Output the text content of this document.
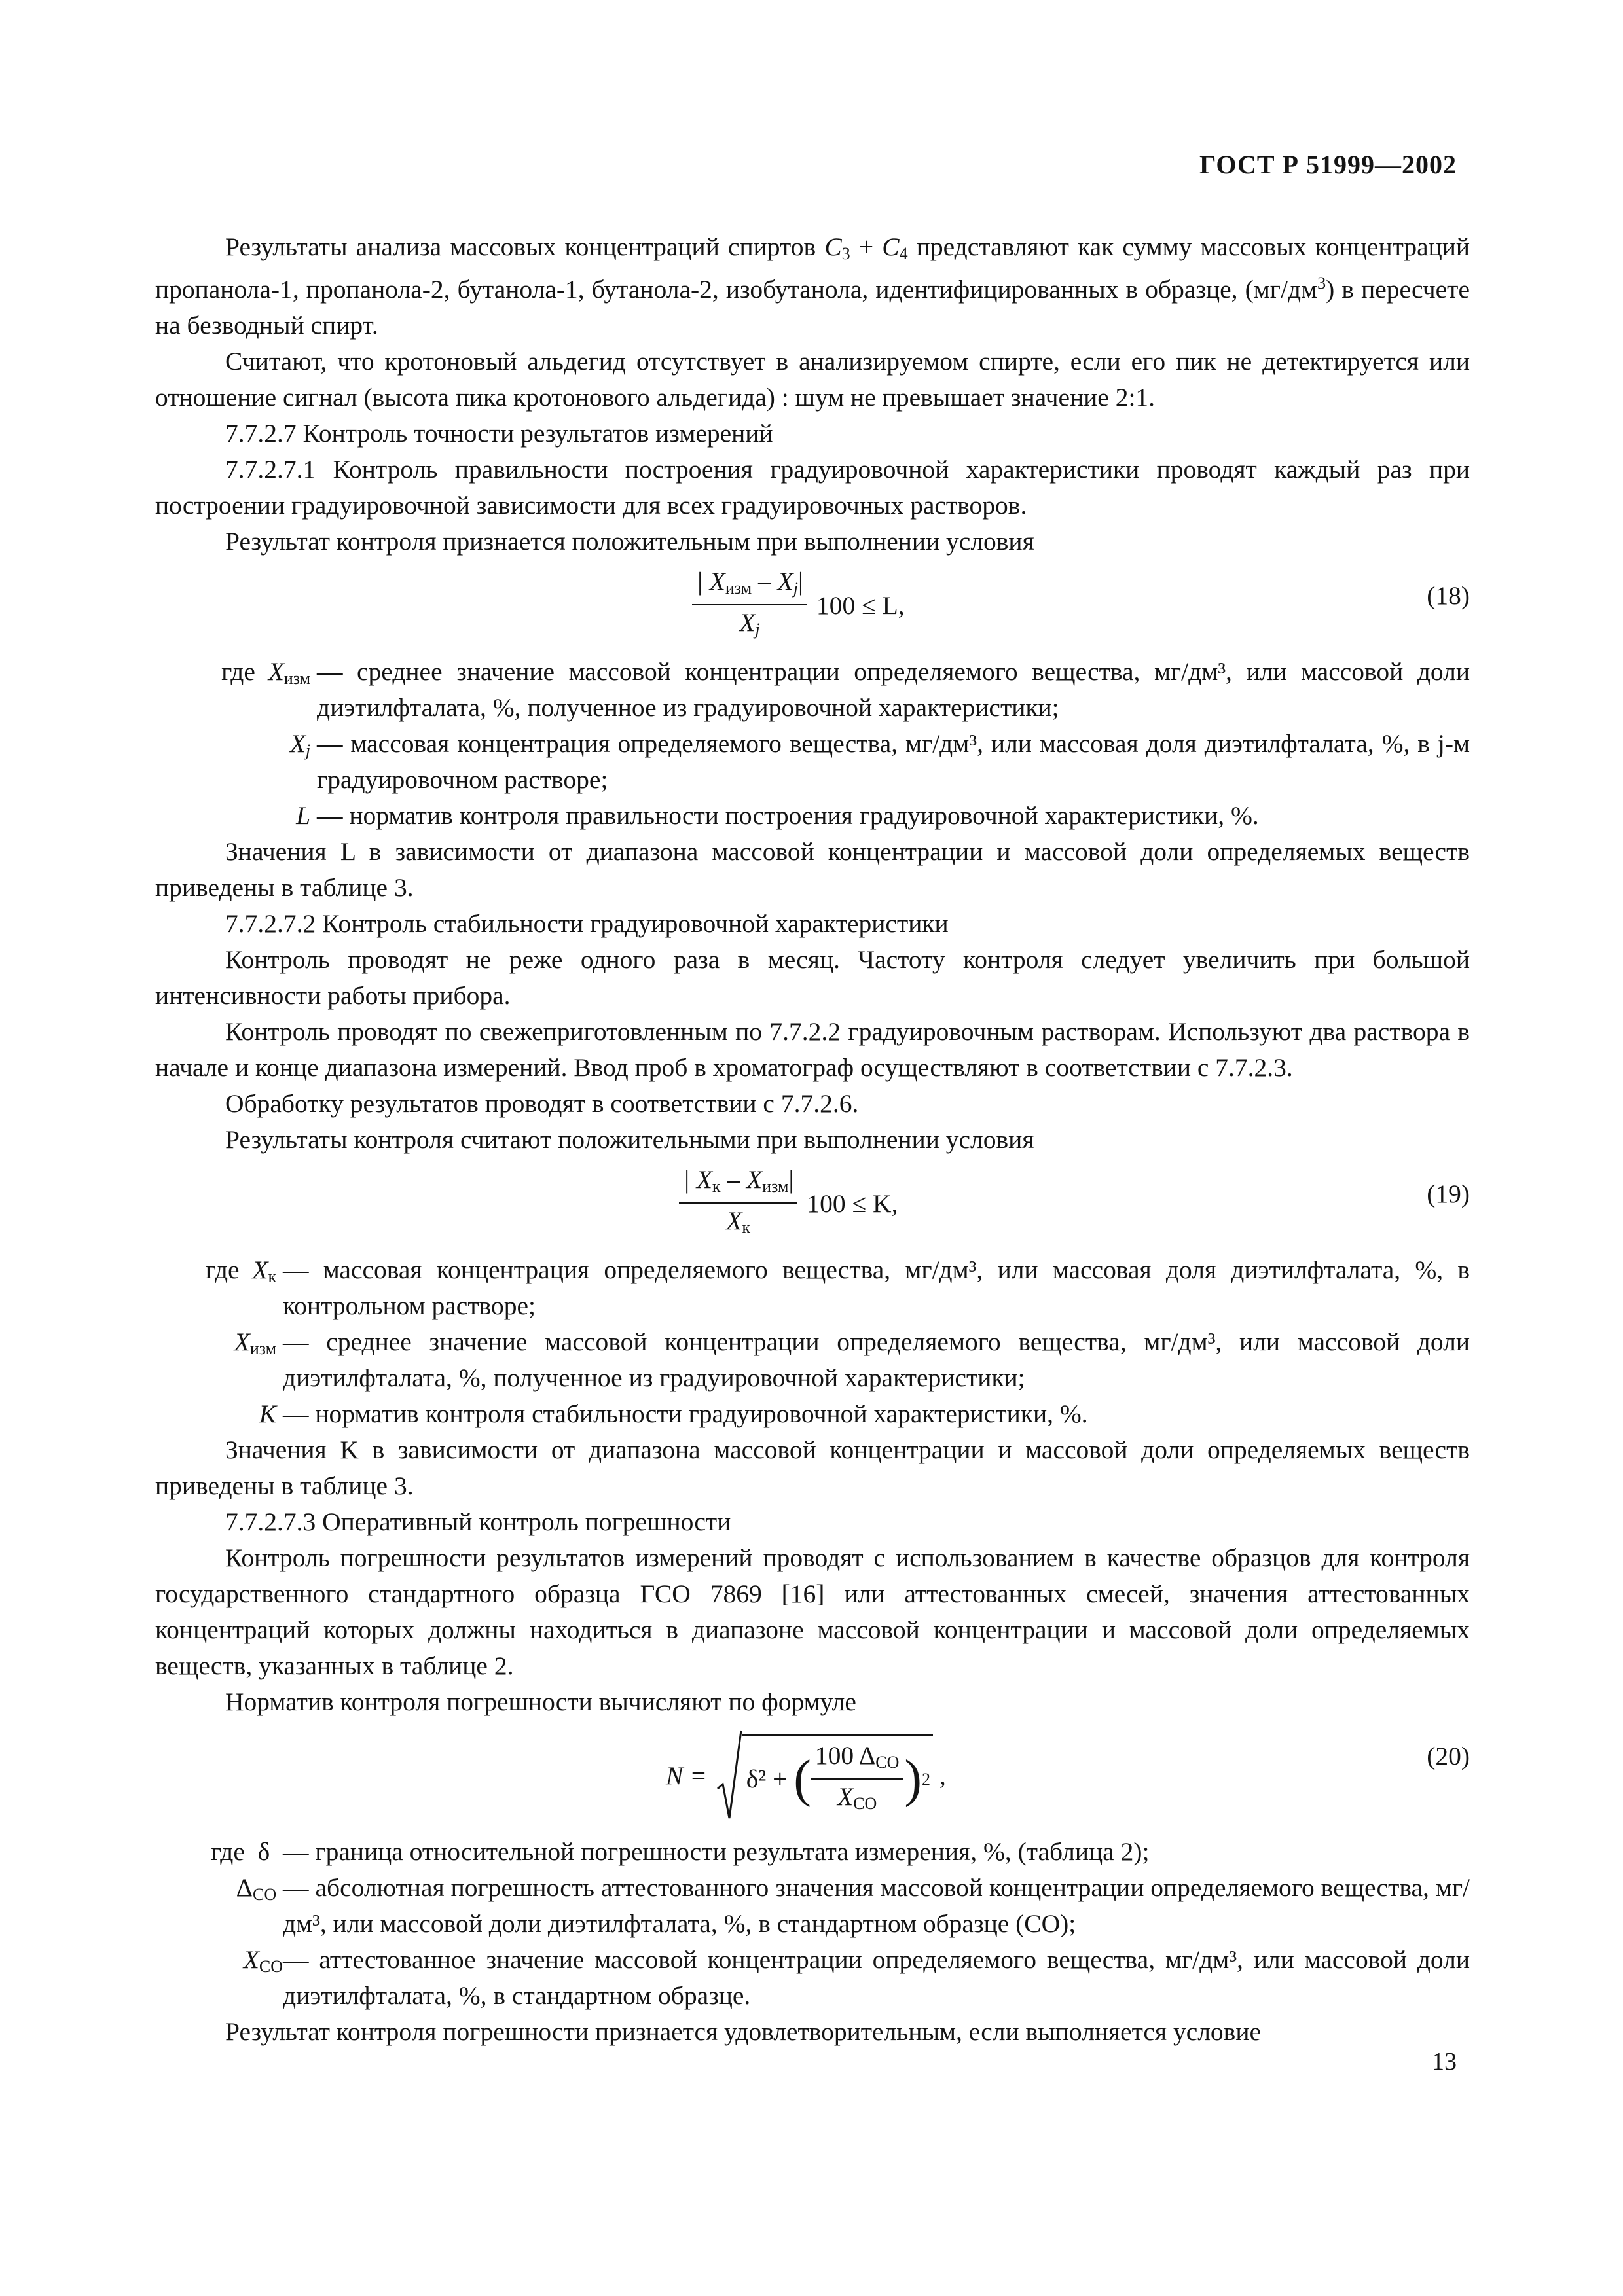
ГОСТ Р 51999—2002

Результаты анализа массовых концентраций спиртов $C_3 + C_4$ представляют как сумму массовых концентраций пропанола-1, пропанола-2, бутанола-1, бутанола-2, изобутанола, идентифицированных в образце, $(мг/дм^3)$ в пересчете на безводный спирт.

Считают, что кротоновый альдегид отсутствует в анализируемом спирте, если его пик не детектируется или отношение сигнал (высота пика кротонового альдегида) : шум не превышает значение 2:1.

7.7.2.7 Контроль точности результатов измерений

7.7.2.7.1 Контроль правильности построения градуировочной характеристики проводят каждый раз при построении градуировочной зависимости для всех градуировочных растворов.

Результат контроля признается положительным при выполнении условия

$\frac{| X_{изм} - X_j|}{X_j} 100 \le L$,	(18)
где $X_{изм}$ — среднее значение массовой концентрации определяемого вещества, мг/дм³, или массовой доли диэтилфталата, %, полученное из градуировочной характеристики;
$X_j$ — массовая концентрация определяемого вещества, мг/дм³, или массовая доля диэтилфталата, %, в j-м градуировочном растворе;
L — норматив контроля правильности построения градуировочной характеристики, %.

Значения L в зависимости от диапазона массовой концентрации и массовой доли определяемых веществ приведены в таблице 3.

7.7.2.7.2 Контроль стабильности градуировочной характеристики

Контроль проводят не реже одного раза в месяц. Частоту контроля следует увеличить при большой интенсивности работы прибора.

Контроль проводят по свежеприготовленным по 7.7.2.2 градуировочным растворам. Используют два раствора в начале и конце диапазона измерений. Ввод проб в хроматограф осуществляют в соответствии с 7.7.2.3.

Обработку результатов проводят в соответствии с 7.7.2.6.

Результаты контроля считают положительными при выполнении условия

$\frac{| X_к - X_{изм}|}{X_к} 100 \le K$,	(19)
где $X_к$ — массовая концентрация определяемого вещества, мг/дм³, или массовая доля диэтилфталата, %, в контрольном растворе;
$X_{изм}$ — среднее значение массовой концентрации определяемого вещества, мг/дм³, или массовой доли диэтилфталата, %, полученное из градуировочной характеристики;
K — норматив контроля стабильности градуировочной характеристики, %.

Значения K в зависимости от диапазона массовой концентрации и массовой доли определяемых веществ приведены в таблице 3.

7.7.2.7.3 Оперативный контроль погрешности

Контроль погрешности результатов измерений проводят с использованием в качестве образцов для контроля государственного стандартного образца ГСО 7869 [16] или аттестованных смесей, значения аттестованных концентраций которых должны находиться в диапазоне массовой концентрации и массовой доли определяемых веществ, указанных в таблице 2.

Норматив контроля погрешности вычисляют по формуле

N =
δ² +
( $\frac{100 \Delta_{CO}}{X_{CO}}$ ) 2 ,
(20)
где δ — граница относительной погрешности результата измерения, %, (таблица 2);
$\Delta_{CO}$ — абсолютная погрешность аттестованного значения массовой концентрации определяемого вещества, мг/дм³, или массовой доли диэтилфталата, %, в стандартном образце (СО);
$X_{CO}$ — аттестованное значение массовой концентрации определяемого вещества, мг/дм³, или массовой доли диэтилфталата, %, в стандартном образце.

Результат контроля погрешности признается удовлетворительным, если выполняется условие

13
